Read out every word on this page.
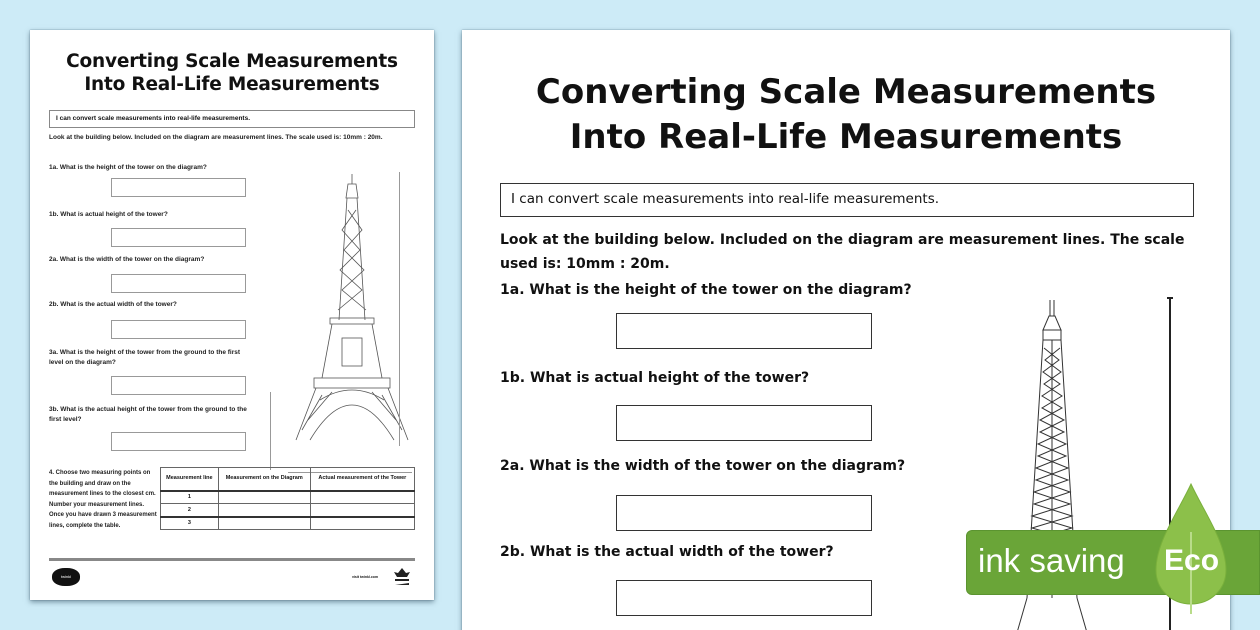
Converting Scale Measurements
Into Real-Life Measurements
I can convert scale measurements into real-life measurements.
Look at the building below. Included on the diagram are measurement lines. The scale used is: 10mm : 20m.
1a. What is the height of the tower on the diagram?
1b. What is actual height of the tower?
2a. What is the width of the tower on the diagram?
2b. What is the actual width of the tower?
3a. What is the height of the tower from the ground to the first level on the diagram?
3b. What is the actual height of the tower from the ground to the first level?
4. Choose two measuring points on the building and draw on the measurement lines to the closest cm. Number your measurement lines. Once you have drawn 3 measurement lines, complete the table.
Measurement line	Measurement on the Diagram	Actual measurement of the Tower
1		
2		
3		
twinkl	visit twinkl.com
Converting Scale Measurements
Into Real-Life Measurements
I can convert scale measurements into real-life measurements.
Look at the building below. Included on the diagram are measurement lines. The scale used is: 10mm : 20m.
1a. What is the height of the tower on the diagram?
1b. What is actual height of the tower?
2a. What is the width of the tower on the diagram?
2b. What is the actual width of the tower?	ink saving Eco
